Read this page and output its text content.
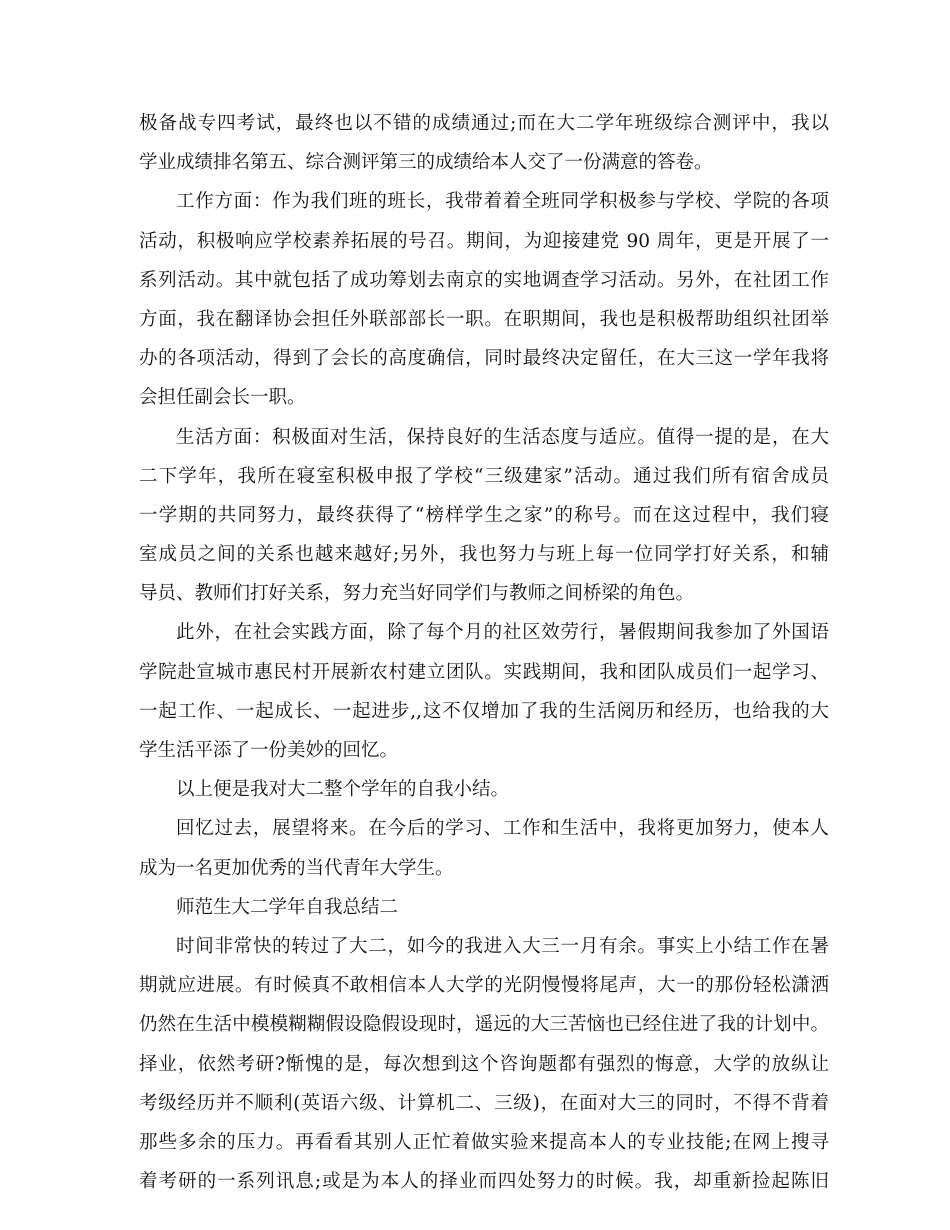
极备战专四考试，最终也以不错的成绩通过;而在大二学年班级综合测评中，我以
学业成绩排名第五、综合测评第三的成绩给本人交了一份满意的答卷。
工作方面：作为我们班的班长，我带着着全班同学积极参与学校、学院的各项
活动，积极响应学校素养拓展的号召。期间，为迎接建党 90 周年，更是开展了一
系列活动。其中就包括了成功筹划去南京的实地调查学习活动。另外，在社团工作
方面，我在翻译协会担任外联部部长一职。在职期间，我也是积极帮助组织社团举
办的各项活动，得到了会长的高度确信，同时最终决定留任，在大三这一学年我将
会担任副会长一职。
生活方面：积极面对生活，保持良好的生活态度与适应。值得一提的是，在大
二下学年，我所在寝室积极申报了学校“三级建家”活动。通过我们所有宿舍成员
一学期的共同努力，最终获得了“榜样学生之家”的称号。而在这过程中，我们寝
室成员之间的关系也越来越好;另外，我也努力与班上每一位同学打好关系，和辅
导员、教师们打好关系，努力充当好同学们与教师之间桥梁的角色。
此外，在社会实践方面，除了每个月的社区效劳行，暑假期间我参加了外国语
学院赴宣城市惠民村开展新农村建立团队。实践期间，我和团队成员们一起学习、
一起工作、一起成长、一起进步,,这不仅增加了我的生活阅历和经历，也给我的大
学生活平添了一份美妙的回忆。
以上便是我对大二整个学年的自我小结。
回忆过去，展望将来。在今后的学习、工作和生活中，我将更加努力，使本人
成为一名更加优秀的当代青年大学生。
师范生大二学年自我总结二
时间非常快的转过了大二，如今的我进入大三一月有余。事实上小结工作在暑
期就应进展。有时候真不敢相信本人大学的光阴慢慢将尾声，大一的那份轻松潇洒
仍然在生活中模模糊糊假设隐假设现时，遥远的大三苦恼也已经住进了我的计划中。
择业，依然考研?惭愧的是，每次想到这个咨询题都有强烈的悔意，大学的放纵让
考级经历并不顺利(英语六级、计算机二、三级)，在面对大三的同时，不得不背着
那些多余的压力。再看看其别人正忙着做实验来提高本人的专业技能;在网上搜寻
着考研的一系列讯息;或是为本人的择业而四处努力的时候。我，却重新捡起陈旧
